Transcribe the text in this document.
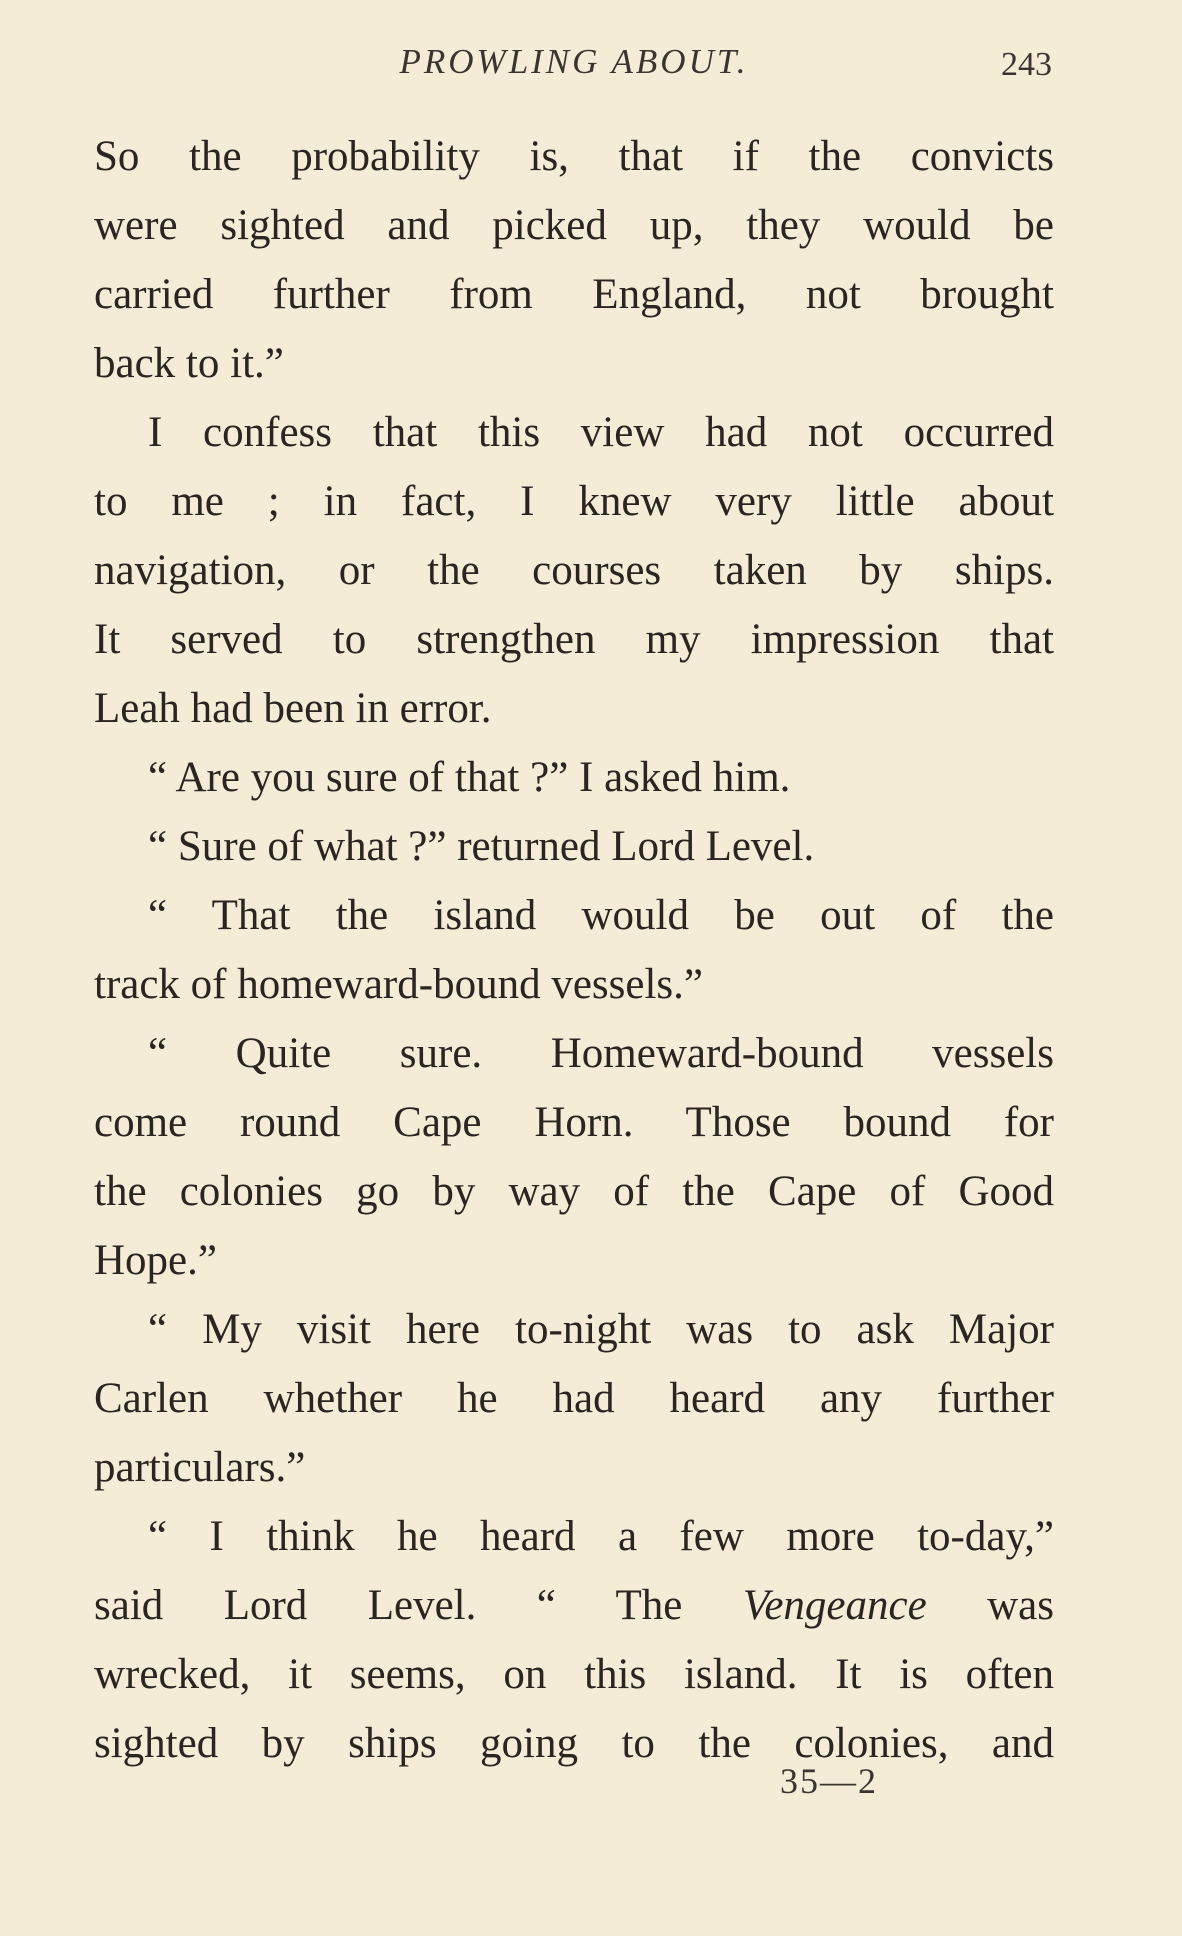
PROWLING ABOUT.	243
So the probability is, that if the convicts
were sighted and picked up, they would be
carried further from England, not brought
back to it.”
I confess that this view had not occurred
to me ; in fact, I knew very little about
navigation, or the courses taken by ships.
It served to strengthen my impression that
Leah had been in error.
“ Are you sure of that ?” I asked him.
“ Sure of what ?” returned Lord Level.
“ That the island would be out of the
track of homeward-bound vessels.”
“ Quite sure. Homeward-bound vessels
come round Cape Horn. Those bound for
the colonies go by way of the Cape of Good
Hope.”
“ My visit here to-night was to ask Major
Carlen whether he had heard any further
particulars.”
“ I think he heard a few more to-day,”
said Lord Level. “ The Vengeance was
wrecked, it seems, on this island. It is often
sighted by ships going to the colonies, and
35—2
